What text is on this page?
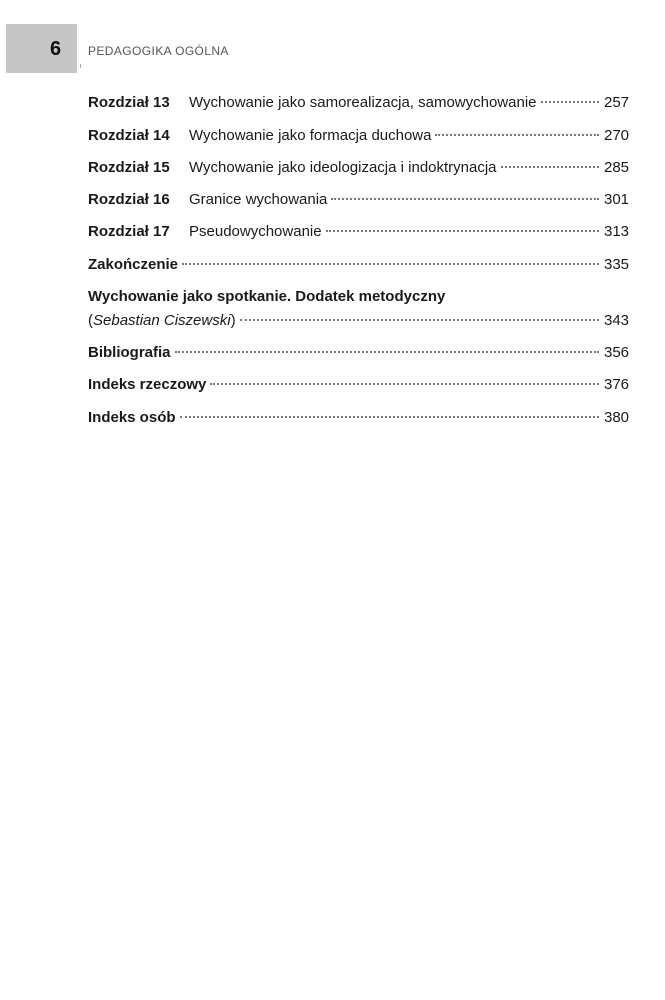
6 PEDAGOGIKA OGÓLNA
Rozdział 13	Wychowanie jako samorealizacja, samowychowanie	257
Rozdział 14	Wychowanie jako formacja duchowa	270
Rozdział 15	Wychowanie jako ideologizacja i indoktrynacja	285
Rozdział 16	Granice wychowania	301
Rozdział 17	Pseudowychowanie	313
Zakończenie	335
Wychowanie jako spotkanie. Dodatek metodyczny
(Sebastian Ciszewski)	343
Bibliografia	356
Indeks rzeczowy	376
Indeks osób	380
